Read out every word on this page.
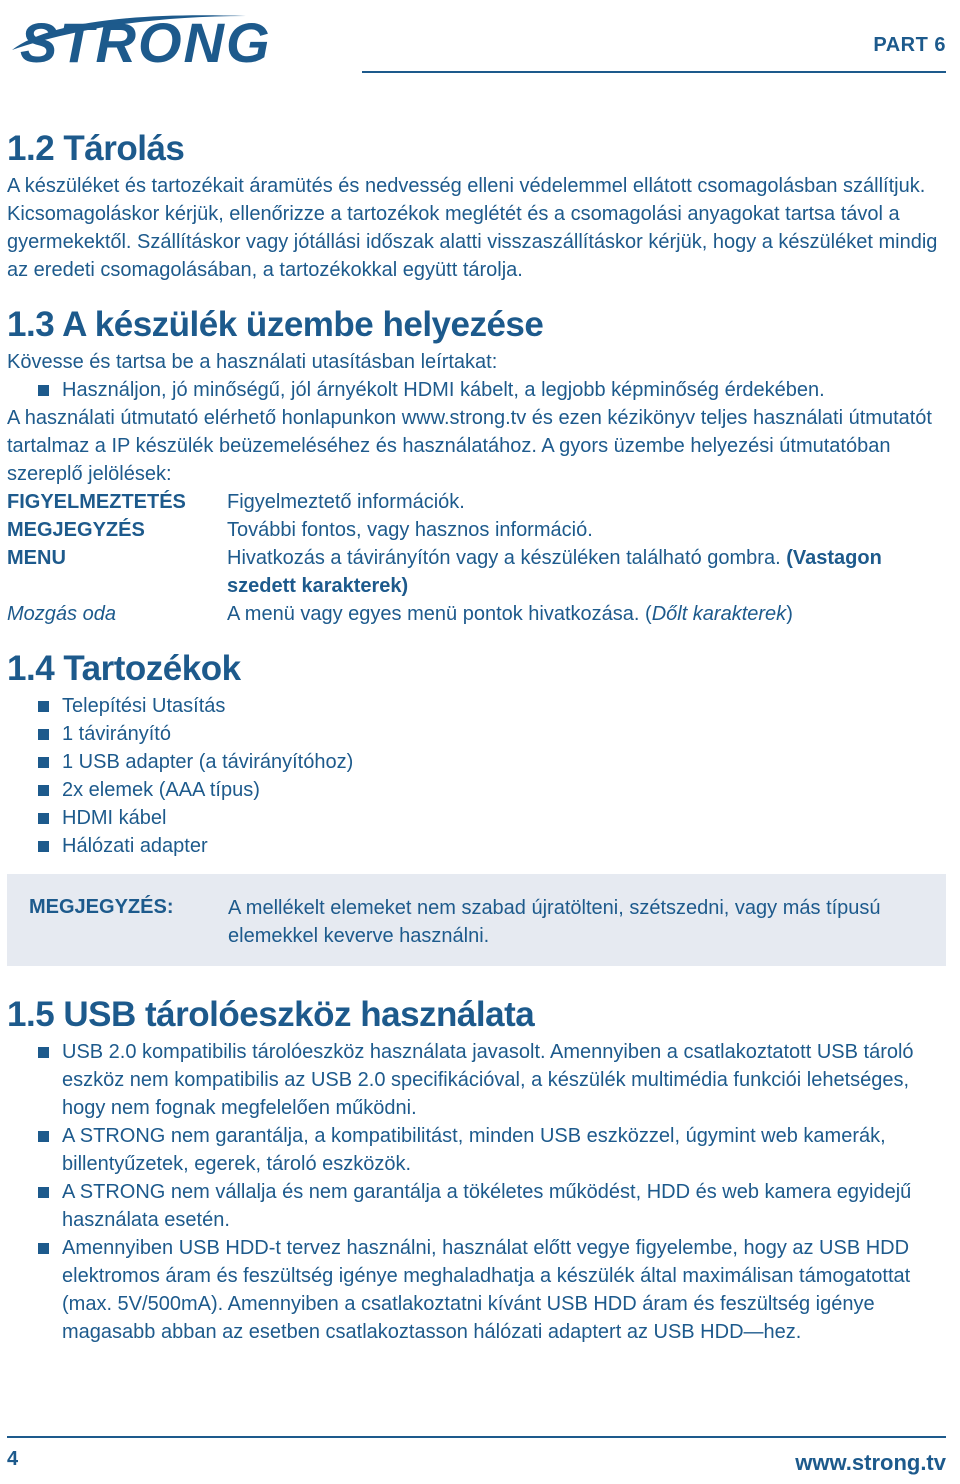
STRONG	PART 6
1.2 Tárolás

A készüléket és tartozékait áramütés és nedvesség elleni védelemmel ellátott csomagolásban szállítjuk. Kicsomagoláskor kérjük, ellenőrizze a tartozékok meglétét és a csomagolási anyagokat tartsa távol a gyermekektől. Szállításkor vagy jótállási időszak alatti visszaszállításkor kérjük, hogy a készüléket mindig az eredeti csomagolásában, a tartozékokkal együtt tárolja.

1.3 A készülék üzembe helyezése

Kövesse és tartsa be a használati utasításban leírtakat:

Használjon, jó minőségű, jól árnyékolt HDMI kábelt, a legjobb képminőség érdekében.

A használati útmutató elérhető honlapunkon www.strong.tv és ezen kézikönyv teljes használati útmutatót tartalmaz a IP készülék beüzemeléséhez és használatához. A gyors üzembe helyezési útmutatóban szereplő jelölések:

FIGYELMEZTETÉS	Figyelmeztető információk.
MEGJEGYZÉS	További fontos, vagy hasznos információ.
MENU	Hivatkozás a távirányítón vagy a készüléken található gombra. (Vastagon szedett karakterek)
Mozgás oda	A menü vagy egyes menü pontok hivatkozása. (Dőlt karakterek)
1.4 Tartozékok
Telepítési Utasítás
1 távirányító
1 USB adapter (a távirányítóhoz)
2x elemek (AAA típus)
HDMI kábel
Hálózati adapter
MEGJEGYZÉS:	A mellékelt elemeket nem szabad újratölteni, szétszedni, vagy más típusú elemekkel keverve használni.
1.5 USB tárolóeszköz használata
USB 2.0 kompatibilis tárolóeszköz használata javasolt. Amennyiben a csatlakoztatott USB tároló eszköz nem kompatibilis az USB 2.0 specifikációval, a készülék multimédia funkciói lehetséges, hogy nem fognak megfelelően működni.
A STRONG nem garantálja, a kompatibilitást, minden USB eszközzel, úgymint web kamerák, billentyűzetek, egerek, tároló eszközök.
A STRONG nem vállalja és nem garantálja a tökéletes működést, HDD és web kamera egyidejű használata esetén.
Amennyiben USB HDD-t tervez használni, használat előtt vegye figyelembe, hogy az USB HDD elektromos áram és feszültség igénye meghaladhatja a készülék által maximálisan támogatottat (max. 5V/500mA). Amennyiben a csatlakoztatni kívánt USB HDD áram és feszültség igénye magasabb abban az esetben csatlakoztasson hálózati adaptert az USB HDD—hez.
4	www.strong.tv
